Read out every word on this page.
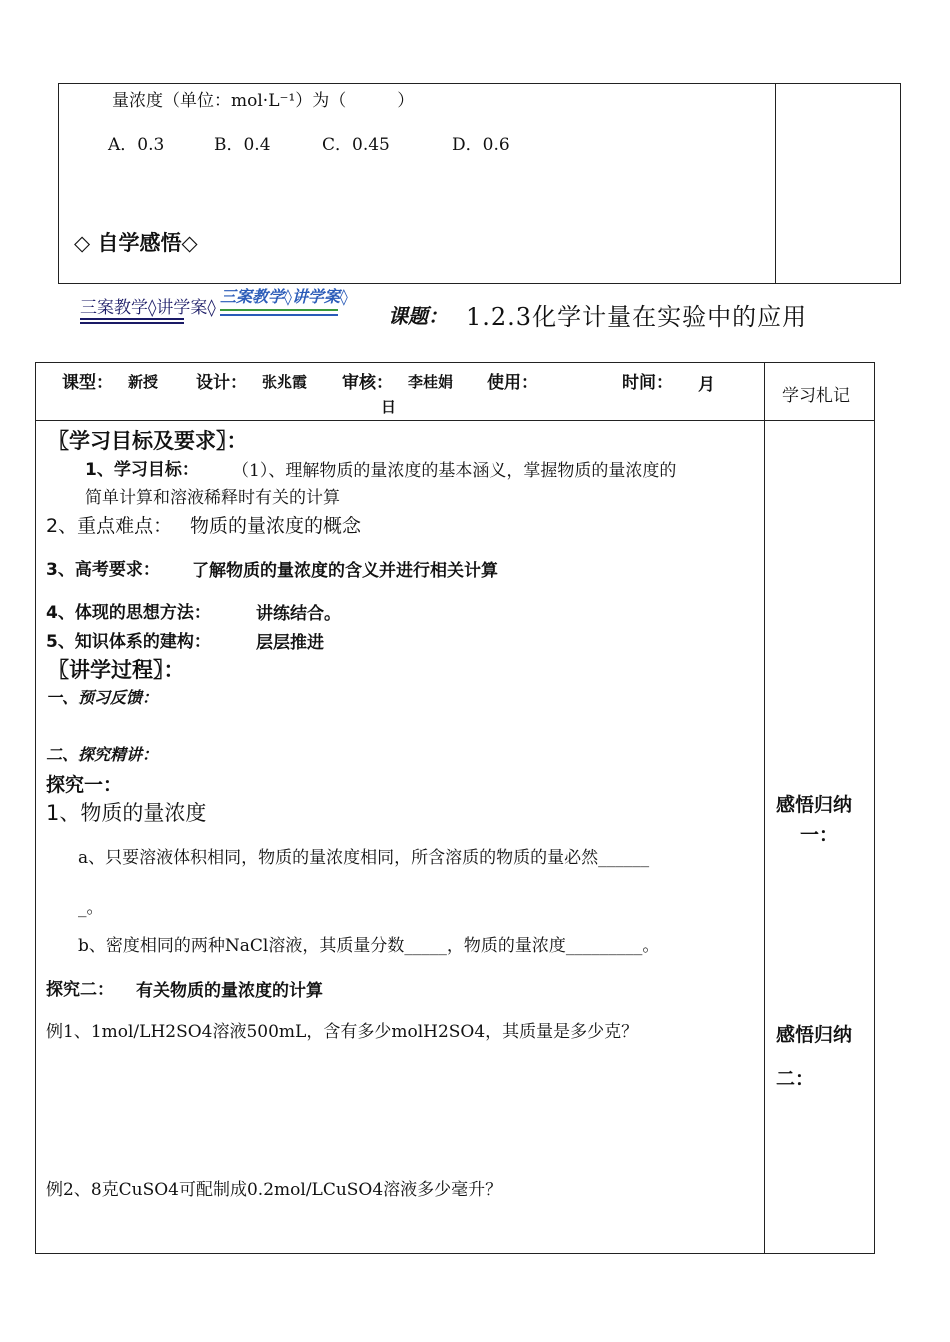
量浓度（单位：mol·L⁻¹）为（　　　）
A．0.3	B．0.4	C．0.45	D．0.6
◇ 自学感悟◇
三案教学◊讲学案◊
三案教学◊讲学案◊
课题： 1.2.3化学计量在实验中的应用
课型： 新授 设计： 张兆霞 审核： 李桂娟 使用：	时间： 月
日
学习札记
〖学习目标及要求〗：
1、学习目标： （1）、理解物质的量浓度的基本涵义，掌握物质的量浓度的
简单计算和溶液稀释时有关的计算
2、重点难点： 物质的量浓度的概念
3、高考要求： 了解物质的量浓度的含义并进行相关计算
4、体现的思想方法：	讲练结合。
5、知识体系的建构：	层层推进
〖讲学过程〗：
一、预习反馈：
二、探究精讲：
探究一：
1、物质的量浓度
a、只要溶液体积相同，物质的量浓度相同，所含溶质的物质的量必然______
_。
b、密度相同的两种NaCl溶液，其质量分数_____，物质的量浓度_________。
探究二： 有关物质的量浓度的计算
例1、1mol/LH2SO4溶液500mL，含有多少molH2SO4，其质量是多少克？
例2、8克CuSO4可配制成0.2mol/LCuSO4溶液多少毫升？
感悟归纳
一：
感悟归纳
二：
